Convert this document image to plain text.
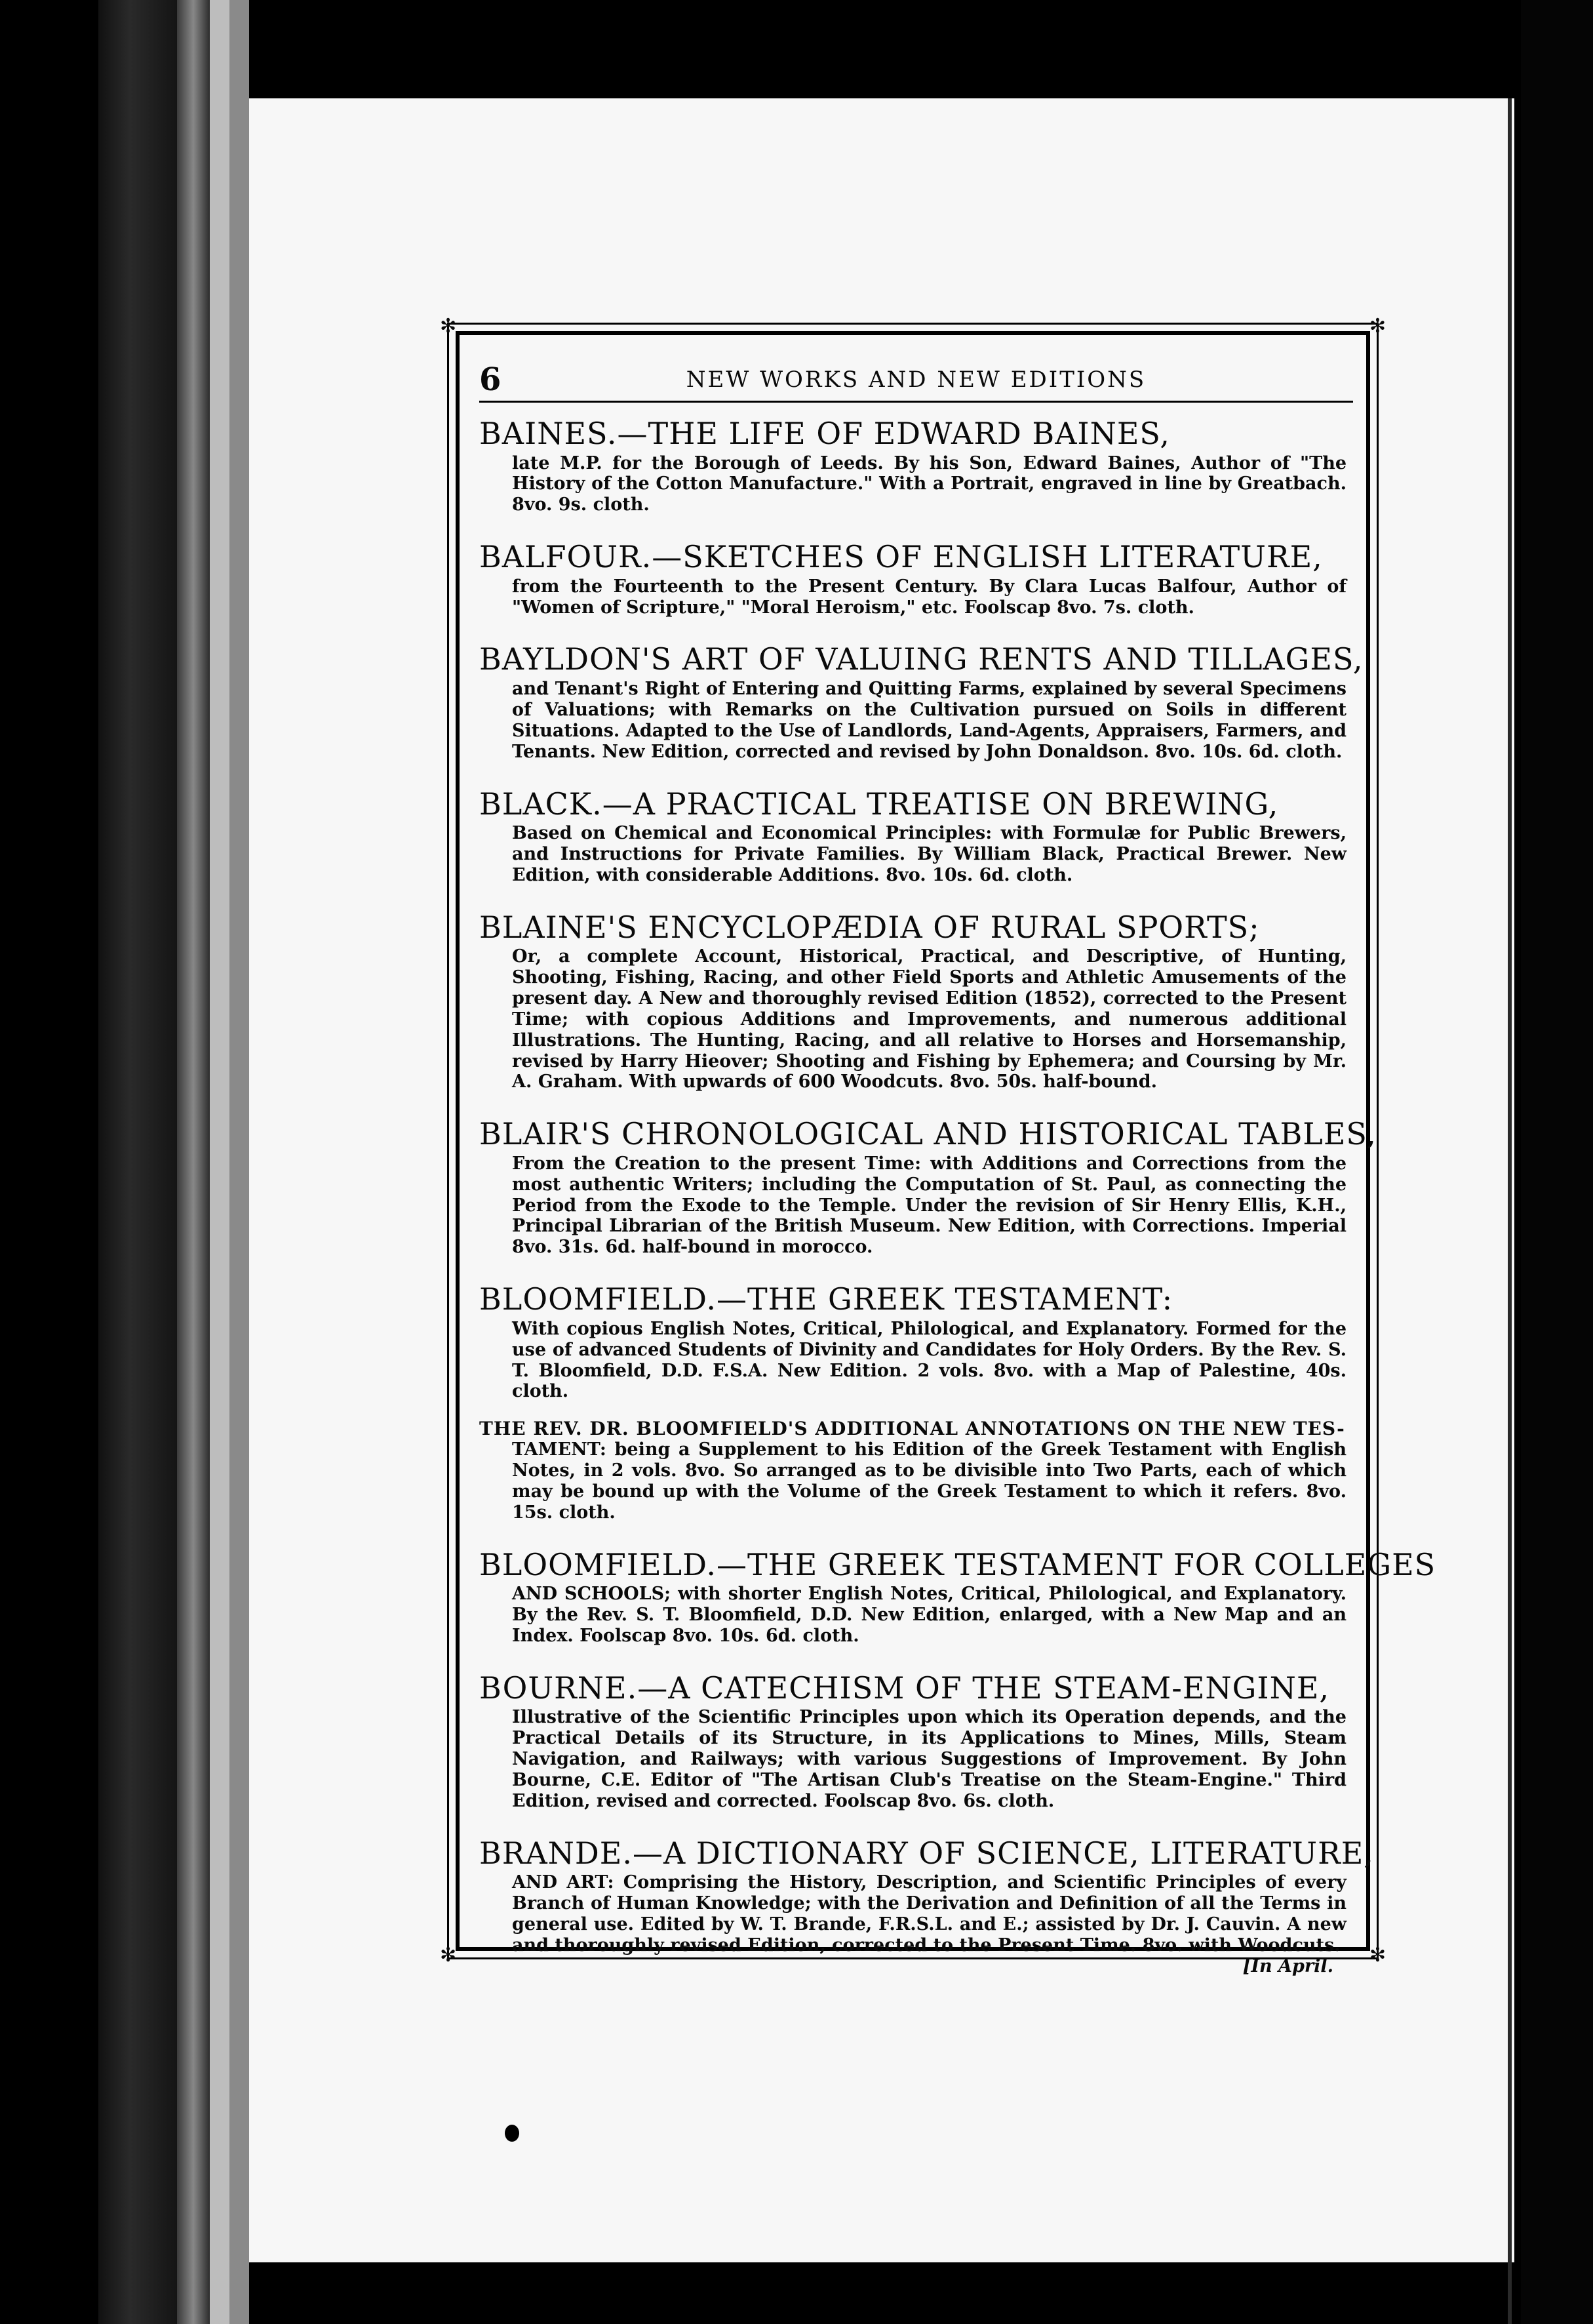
✻	✻
✻	✻
6	NEW WORKS AND NEW EDITIONS
BAINES.—THE LIFE OF EDWARD BAINES,

late M.P. for the Borough of Leeds. By his Son, Edward Baines, Author of "The History of the Cotton Manufacture." With a Portrait, engraved in line by Greatbach. 8vo. 9s. cloth.

BALFOUR.—SKETCHES OF ENGLISH LITERATURE,

from the Fourteenth to the Present Century. By Clara Lucas Balfour, Author of "Women of Scripture," "Moral Heroism," etc. Foolscap 8vo. 7s. cloth.

BAYLDON'S ART OF VALUING RENTS AND TILLAGES,

and Tenant's Right of Entering and Quitting Farms, explained by several Specimens of Valuations; with Remarks on the Cultivation pursued on Soils in different Situations. Adapted to the Use of Landlords, Land-Agents, Appraisers, Farmers, and Tenants. New Edition, corrected and revised by John Donaldson. 8vo. 10s. 6d. cloth.

BLACK.—A PRACTICAL TREATISE ON BREWING,

Based on Chemical and Economical Principles: with Formulæ for Public Brewers, and Instructions for Private Families. By William Black, Practical Brewer. New Edition, with considerable Additions. 8vo. 10s. 6d. cloth.

BLAINE'S ENCYCLOPÆDIA OF RURAL SPORTS;

Or, a complete Account, Historical, Practical, and Descriptive, of Hunting, Shooting, Fishing, Racing, and other Field Sports and Athletic Amusements of the present day. A New and thoroughly revised Edition (1852), corrected to the Present Time; with copious Additions and Improvements, and numerous additional Illustrations. The Hunting, Racing, and all relative to Horses and Horsemanship, revised by Harry Hieover; Shooting and Fishing by Ephemera; and Coursing by Mr. A. Graham. With upwards of 600 Woodcuts. 8vo. 50s. half-bound.

BLAIR'S CHRONOLOGICAL AND HISTORICAL TABLES,

From the Creation to the present Time: with Additions and Corrections from the most authentic Writers; including the Computation of St. Paul, as connecting the Period from the Exode to the Temple. Under the revision of Sir Henry Ellis, K.H., Principal Librarian of the British Museum. New Edition, with Corrections. Imperial 8vo. 31s. 6d. half-bound in morocco.

BLOOMFIELD.—THE GREEK TESTAMENT:

With copious English Notes, Critical, Philological, and Explanatory. Formed for the use of advanced Students of Divinity and Candidates for Holy Orders. By the Rev. S. T. Bloomfield, D.D. F.S.A. New Edition. 2 vols. 8vo. with a Map of Palestine, 40s. cloth.

THE REV. DR. BLOOMFIELD'S ADDITIONAL ANNOTATIONS ON THE NEW TES-

TAMENT: being a Supplement to his Edition of the Greek Testament with English Notes, in 2 vols. 8vo. So arranged as to be divisible into Two Parts, each of which may be bound up with the Volume of the Greek Testament to which it refers. 8vo. 15s. cloth.

BLOOMFIELD.—THE GREEK TESTAMENT FOR COLLEGES

AND SCHOOLS; with shorter English Notes, Critical, Philological, and Explanatory. By the Rev. S. T. Bloomfield, D.D. New Edition, enlarged, with a New Map and an Index. Foolscap 8vo. 10s. 6d. cloth.

BOURNE.—A CATECHISM OF THE STEAM-ENGINE,

Illustrative of the Scientific Principles upon which its Operation depends, and the Practical Details of its Structure, in its Applications to Mines, Mills, Steam Navigation, and Railways; with various Suggestions of Improvement. By John Bourne, C.E. Editor of "The Artisan Club's Treatise on the Steam-Engine." Third Edition, revised and corrected. Foolscap 8vo. 6s. cloth.

BRANDE.—A DICTIONARY OF SCIENCE, LITERATURE,

AND ART: Comprising the History, Description, and Scientific Principles of every Branch of Human Knowledge; with the Derivation and Definition of all the Terms in general use. Edited by W. T. Brande, F.R.S.L. and E.; assisted by Dr. J. Cauvin. A new and thoroughly revised Edition, corrected to the Present Time. 8vo. with Woodcuts.

[In April.
